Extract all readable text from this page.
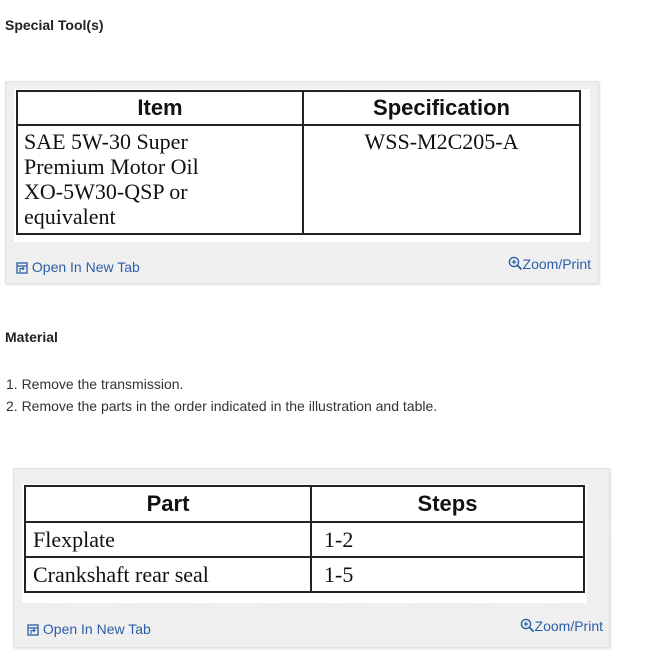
Special Tool(s)
Item	Specification

SAE 5W-30 Super
Premium Motor Oil
XO-5W30-QSP or
equivalent	WSS-M2C205-A
Open In New Tab	Zoom/Print
Material
1. Remove the transmission.
2. Remove the parts in the order indicated in the illustration and table.
Part	Steps
Flexplate	1-2
Crankshaft rear seal	1-5
Open In New Tab	Zoom/Print
